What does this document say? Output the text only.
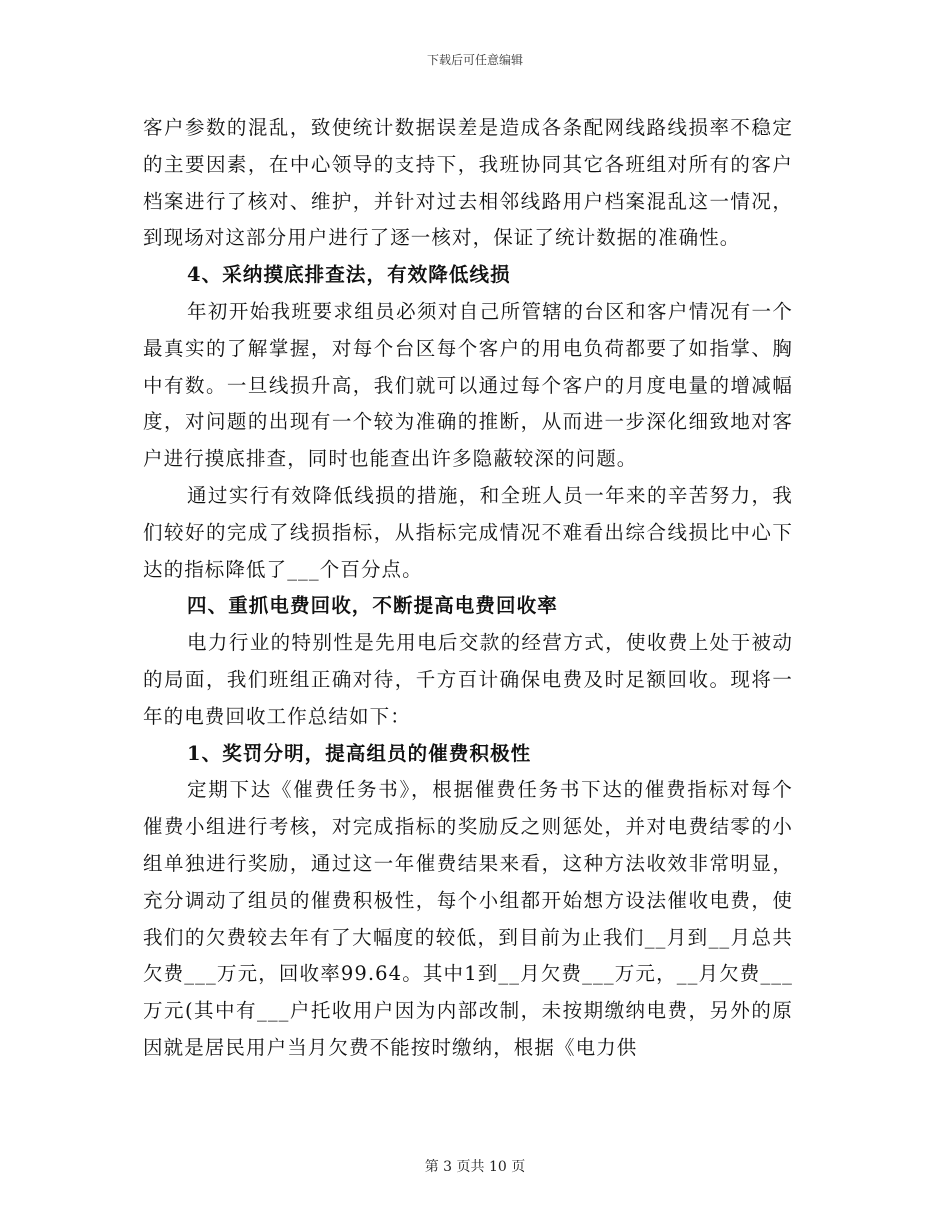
下载后可任意编辑

客户参数的混乱，致使统计数据误差是造成各条配网线路线损率不稳定的主要因素，在中心领导的支持下，我班协同其它各班组对所有的客户档案进行了核对、维护，并针对过去相邻线路用户档案混乱这一情况，到现场对这部分用户进行了逐一核对，保证了统计数据的准确性。

4、采纳摸底排查法，有效降低线损

年初开始我班要求组员必须对自己所管辖的台区和客户情况有一个最真实的了解掌握，对每个台区每个客户的用电负荷都要了如指掌、胸中有数。一旦线损升高，我们就可以通过每个客户的月度电量的增减幅度，对问题的出现有一个较为准确的推断，从而进一步深化细致地对客户进行摸底排查，同时也能查出许多隐蔽较深的问题。

通过实行有效降低线损的措施，和全班人员一年来的辛苦努力，我们较好的完成了线损指标，从指标完成情况不难看出综合线损比中心下达的指标降低了___个百分点。

四、重抓电费回收，不断提高电费回收率

电力行业的特别性是先用电后交款的经营方式，使收费上处于被动的局面，我们班组正确对待，千方百计确保电费及时足额回收。现将一年的电费回收工作总结如下：

1、奖罚分明，提高组员的催费积极性

定期下达《催费任务书》，根据催费任务书下达的催费指标对每个催费小组进行考核，对完成指标的奖励反之则惩处，并对电费结零的小组单独进行奖励，通过这一年催费结果来看，这种方法收效非常明显，充分调动了组员的催费积极性，每个小组都开始想方设法催收电费，使我们的欠费较去年有了大幅度的较低，到目前为止我们__月到__月总共欠费___万元，回收率99.64。其中1到__月欠费___万元，__月欠费___万元(其中有___户托收用户因为内部改制，未按期缴纳电费，另外的原因就是居民用户当月欠费不能按时缴纳，根据《电力供

第 3 页共 10 页
